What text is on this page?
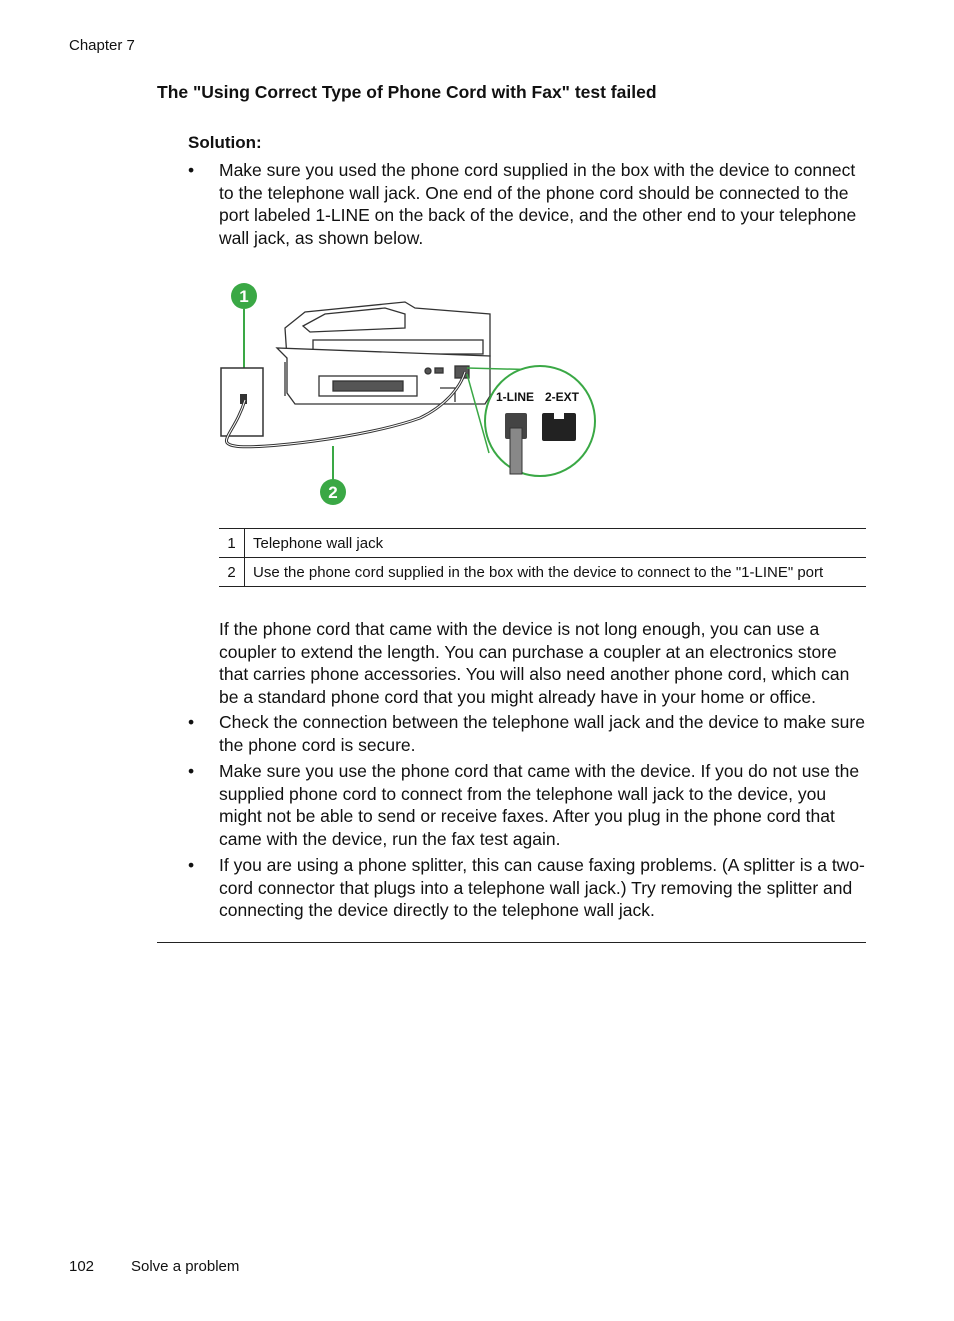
Chapter 7
The "Using Correct Type of Phone Cord with Fax" test failed
Solution:
• Make sure you used the phone cord supplied in the box with the device to connect to the telephone wall jack. One end of the phone cord should be connected to the port labeled 1-LINE on the back of the device, and the other end to your telephone wall jack, as shown below.
1
2
1-LINE 2-EXT
1	Telephone wall jack
2	Use the phone cord supplied in the box with the device to connect to the "1-LINE" port
If the phone cord that came with the device is not long enough, you can use a coupler to extend the length. You can purchase a coupler at an electronics store that carries phone accessories. You will also need another phone cord, which can be a standard phone cord that you might already have in your home or office.
• Check the connection between the telephone wall jack and the device to make sure the phone cord is secure.
• Make sure you use the phone cord that came with the device. If you do not use the supplied phone cord to connect from the telephone wall jack to the device, you might not be able to send or receive faxes. After you plug in the phone cord that came with the device, run the fax test again.
• If you are using a phone splitter, this can cause faxing problems. (A splitter is a two-cord connector that plugs into a telephone wall jack.) Try removing the splitter and connecting the device directly to the telephone wall jack.
102 Solve a problem
